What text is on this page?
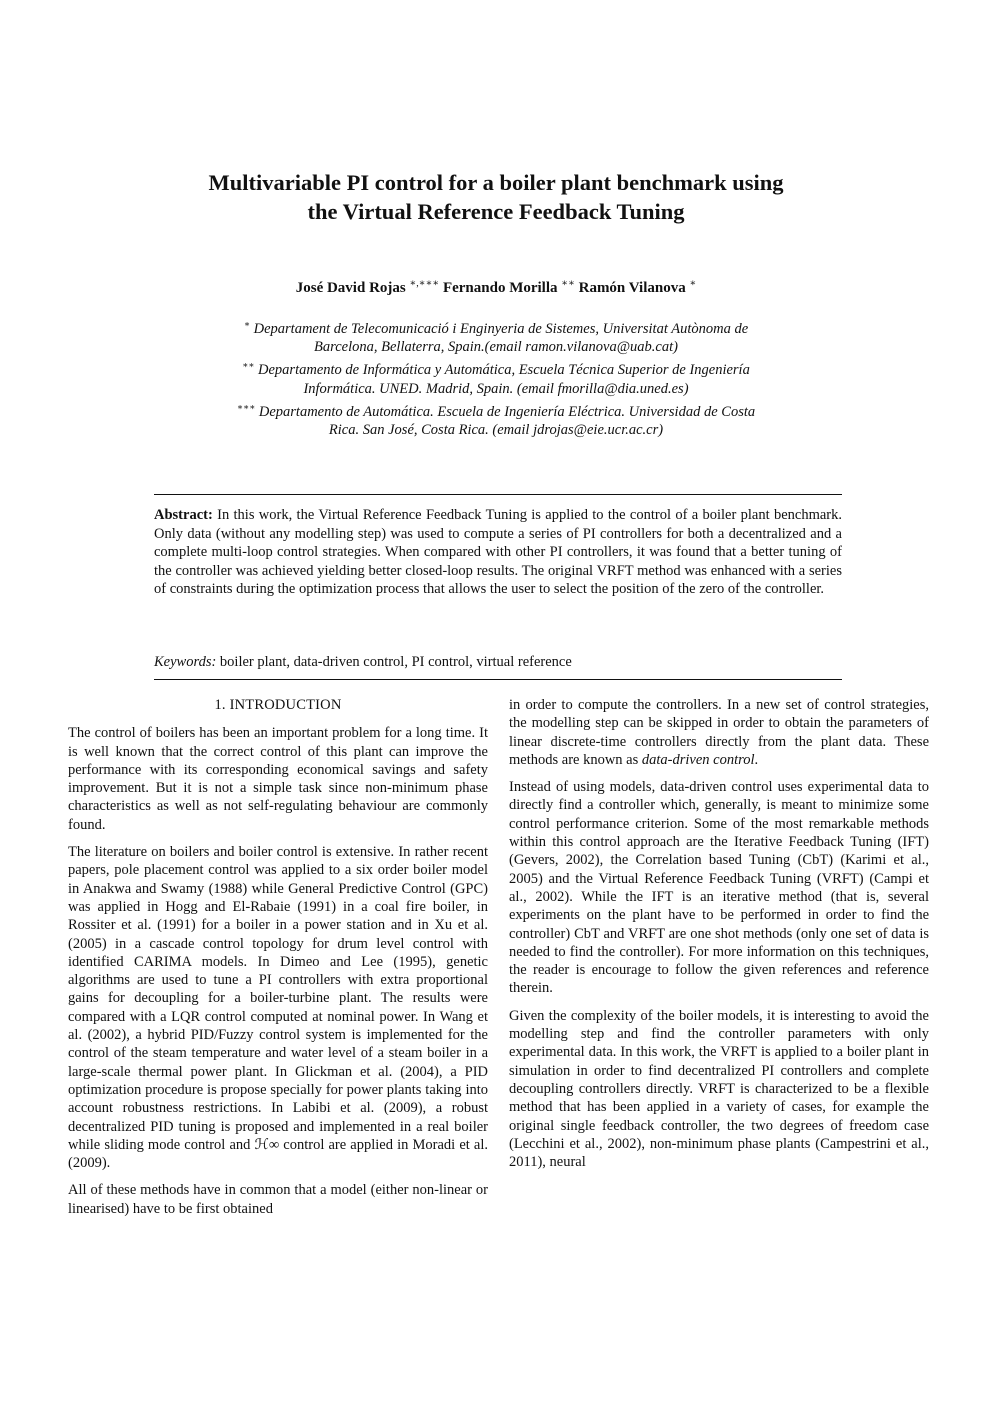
Multivariable PI control for a boiler plant benchmark using the Virtual Reference Feedback Tuning
José David Rojas ∗,∗∗∗ Fernando Morilla ∗∗ Ramón Vilanova ∗

∗ Departament de Telecomunicació i Enginyeria de Sistemes, Universitat Autònoma de Barcelona, Bellaterra, Spain.(email ramon.vilanova@uab.cat)

∗∗ Departamento de Informática y Automática, Escuela Técnica Superior de Ingeniería Informática. UNED. Madrid, Spain. (email fmorilla@dia.uned.es)

∗∗∗ Departamento de Automática. Escuela de Ingeniería Eléctrica. Universidad de Costa Rica. San José, Costa Rica. (email jdrojas@eie.ucr.ac.cr)

Abstract: In this work, the Virtual Reference Feedback Tuning is applied to the control of a boiler plant benchmark. Only data (without any modelling step) was used to compute a series of PI controllers for both a decentralized and a complete multi-loop control strategies. When compared with other PI controllers, it was found that a better tuning of the controller was achieved yielding better closed-loop results. The original VRFT method was enhanced with a series of constraints during the optimization process that allows the user to select the position of the zero of the controller.

Keywords: boiler plant, data-driven control, PI control, virtual reference

1. INTRODUCTION

The control of boilers has been an important problem for a long time. It is well known that the correct control of this plant can improve the performance with its corresponding economical savings and safety improvement. But it is not a simple task since non-minimum phase characteristics as well as not self-regulating behaviour are commonly found.

The literature on boilers and boiler control is extensive. In rather recent papers, pole placement control was applied to a six order boiler model in Anakwa and Swamy (1988) while General Predictive Control (GPC) was applied in Hogg and El-Rabaie (1991) in a coal fire boiler, in Rossiter et al. (1991) for a boiler in a power station and in Xu et al. (2005) in a cascade control topology for drum level control with identified CARIMA models. In Dimeo and Lee (1995), genetic algorithms are used to tune a PI controllers with extra proportional gains for decoupling for a boiler-turbine plant. The results were compared with a LQR control computed at nominal power. In Wang et al. (2002), a hybrid PID/Fuzzy control system is implemented for the control of the steam temperature and water level of a steam boiler in a large-scale thermal power plant. In Glickman et al. (2004), a PID optimization procedure is propose specially for power plants taking into account robustness restrictions. In Labibi et al. (2009), a robust decentralized PID tuning is proposed and implemented in a real boiler while sliding mode control and ℋ∞ control are applied in Moradi et al. (2009).

All of these methods have in common that a model (either non-linear or linearised) have to be first obtained

in order to compute the controllers. In a new set of control strategies, the modelling step can be skipped in order to obtain the parameters of linear discrete-time controllers directly from the plant data. These methods are known as data-driven control.

Instead of using models, data-driven control uses experimental data to directly find a controller which, generally, is meant to minimize some control performance criterion. Some of the most remarkable methods within this control approach are the Iterative Feedback Tuning (IFT) (Gevers, 2002), the Correlation based Tuning (CbT) (Karimi et al., 2005) and the Virtual Reference Feedback Tuning (VRFT) (Campi et al., 2002). While the IFT is an iterative method (that is, several experiments on the plant have to be performed in order to find the controller) CbT and VRFT are one shot methods (only one set of data is needed to find the controller). For more information on this techniques, the reader is encourage to follow the given references and reference therein.

Given the complexity of the boiler models, it is interesting to avoid the modelling step and find the controller parameters with only experimental data. In this work, the VRFT is applied to a boiler plant in simulation in order to find decentralized PI controllers and complete decoupling controllers directly. VRFT is characterized to be a flexible method that has been applied in a variety of cases, for example the original single feedback controller, the two degrees of freedom case (Lecchini et al., 2002), non-minimum phase plants (Campestrini et al., 2011), neural
